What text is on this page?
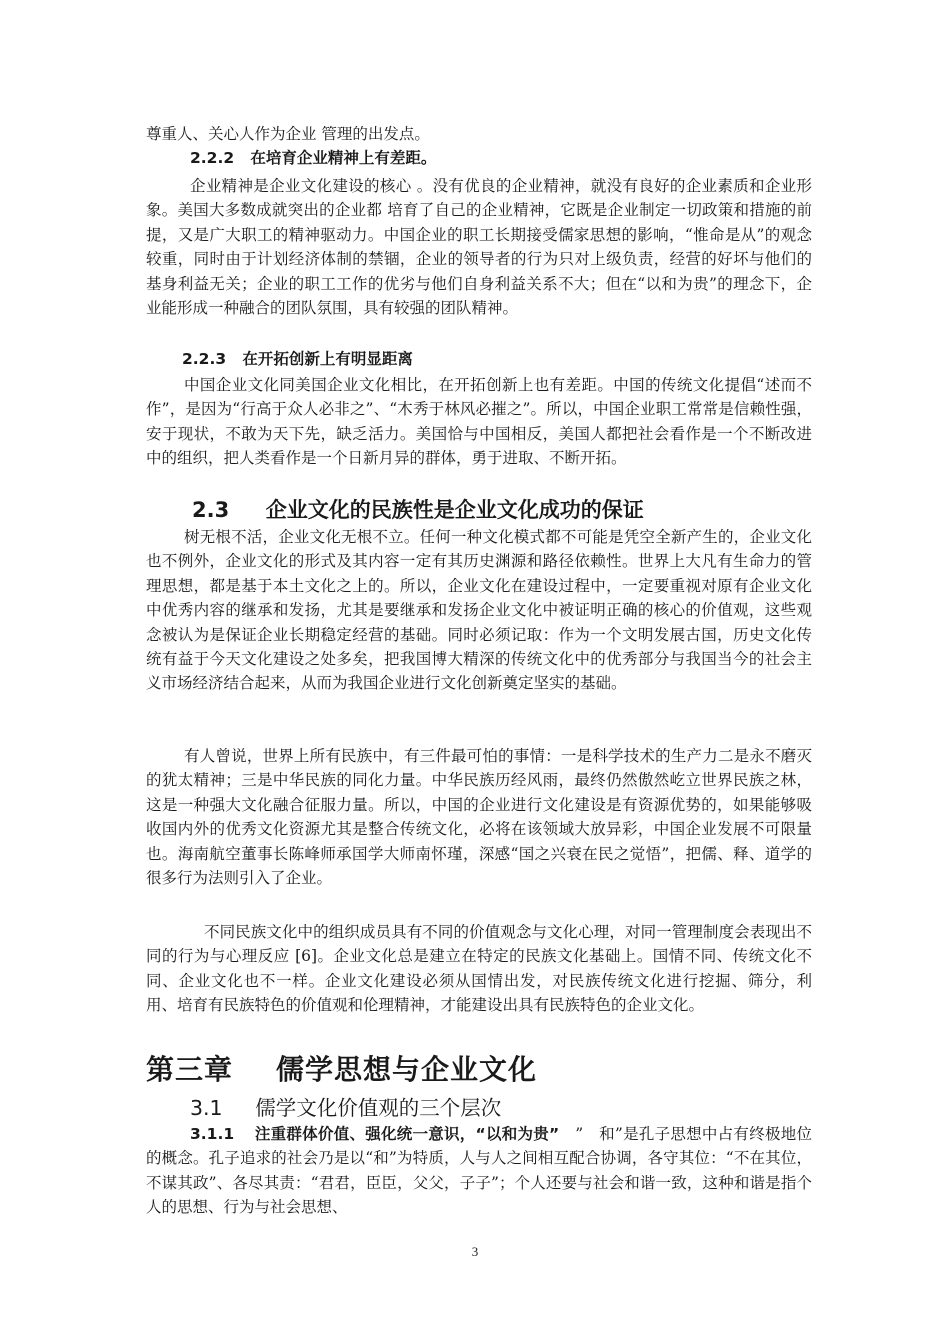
尊重人、关心人作为企业 管理的出发点。

2.2.2 在培育企业精神上有差距。

企业精神是企业文化建设的核心 。没有优良的企业精神，就没有良好的企业素质和企业形象。美国大多数成就突出的企业都 培育了自己的企业精神，它既是企业制定一切政策和措施的前提，又是广大职工的精神驱动力。中国企业的职工长期接受儒家思想的影响，“惟命是从”的观念较重，同时由于计划经济体制的禁锢，企业的领导者的行为只对上级负责，经营的好坏与他们的基身利益无关；企业的职工工作的优劣与他们自身利益关系不大；但在“以和为贵”的理念下，企业能形成一种融合的团队氛围，具有较强的团队精神。

2.2.3 在开拓创新上有明显距离

中国企业文化同美国企业文化相比，在开拓创新上也有差距。中国的传统文化提倡“述而不作”，是因为“行高于众人必非之”、“木秀于林风必摧之”。所以，中国企业职工常常是信赖性强，安于现状，不敢为天下先，缺乏活力。美国恰与中国相反，美国人都把社会看作是一个不断改进中的组织，把人类看作是一个日新月异的群体，勇于进取、不断开拓。

2.3 企业文化的民族性是企业文化成功的保证

树无根不活，企业文化无根不立。任何一种文化模式都不可能是凭空全新产生的，企业文化也不例外，企业文化的形式及其内容一定有其历史渊源和路径依赖性。世界上大凡有生命力的管理思想，都是基于本土文化之上的。所以，企业文化在建设过程中，一定要重视对原有企业文化中优秀内容的继承和发扬，尤其是要继承和发扬企业文化中被证明正确的核心的价值观，这些观念被认为是保证企业长期稳定经营的基础。同时必须记取：作为一个文明发展古国，历史文化传统有益于今天文化建设之处多矣，把我国博大精深的传统文化中的优秀部分与我国当今的社会主义市场经济结合起来，从而为我国企业进行文化创新奠定坚实的基础。

有人曾说，世界上所有民族中，有三件最可怕的事情：一是科学技术的生产力二是永不磨灭的犹太精神；三是中华民族的同化力量。中华民族历经风雨，最终仍然傲然屹立世界民族之林，这是一种强大文化融合征服力量。所以，中国的企业进行文化建设是有资源优势的，如果能够吸收国内外的优秀文化资源尤其是整合传统文化，必将在该领域大放异彩，中国企业发展不可限量也。海南航空董事长陈峰师承国学大师南怀瑾，深感“国之兴衰在民之觉悟”，把儒、释、道学的很多行为法则引入了企业。

不同民族文化中的组织成员具有不同的价值观念与文化心理，对同一管理制度会表现出不同的行为与心理反应 [6]。企业文化总是建立在特定的民族文化基础上。国情不同、传统文化不同、企业文化也不一样。企业文化建设必须从国情出发，对民族传统文化进行挖掘、筛分，利用、培育有民族特色的价值观和伦理精神，才能建设出具有民族特色的企业文化。

第三章 儒学思想与企业文化

3.1 儒学文化价值观的三个层次

3.1.1 注重群体价值、强化统一意识，“以和为贵”　”　和”是孔子思想中占有终极地位的概念。孔子追求的社会乃是以“和”为特质，人与人之间相互配合协调，各守其位：“不在其位，不谋其政”、各尽其责：“君君，臣臣，父父，子子”；个人还要与社会和谐一致，这种和谐是指个人的思想、行为与社会思想、

3
